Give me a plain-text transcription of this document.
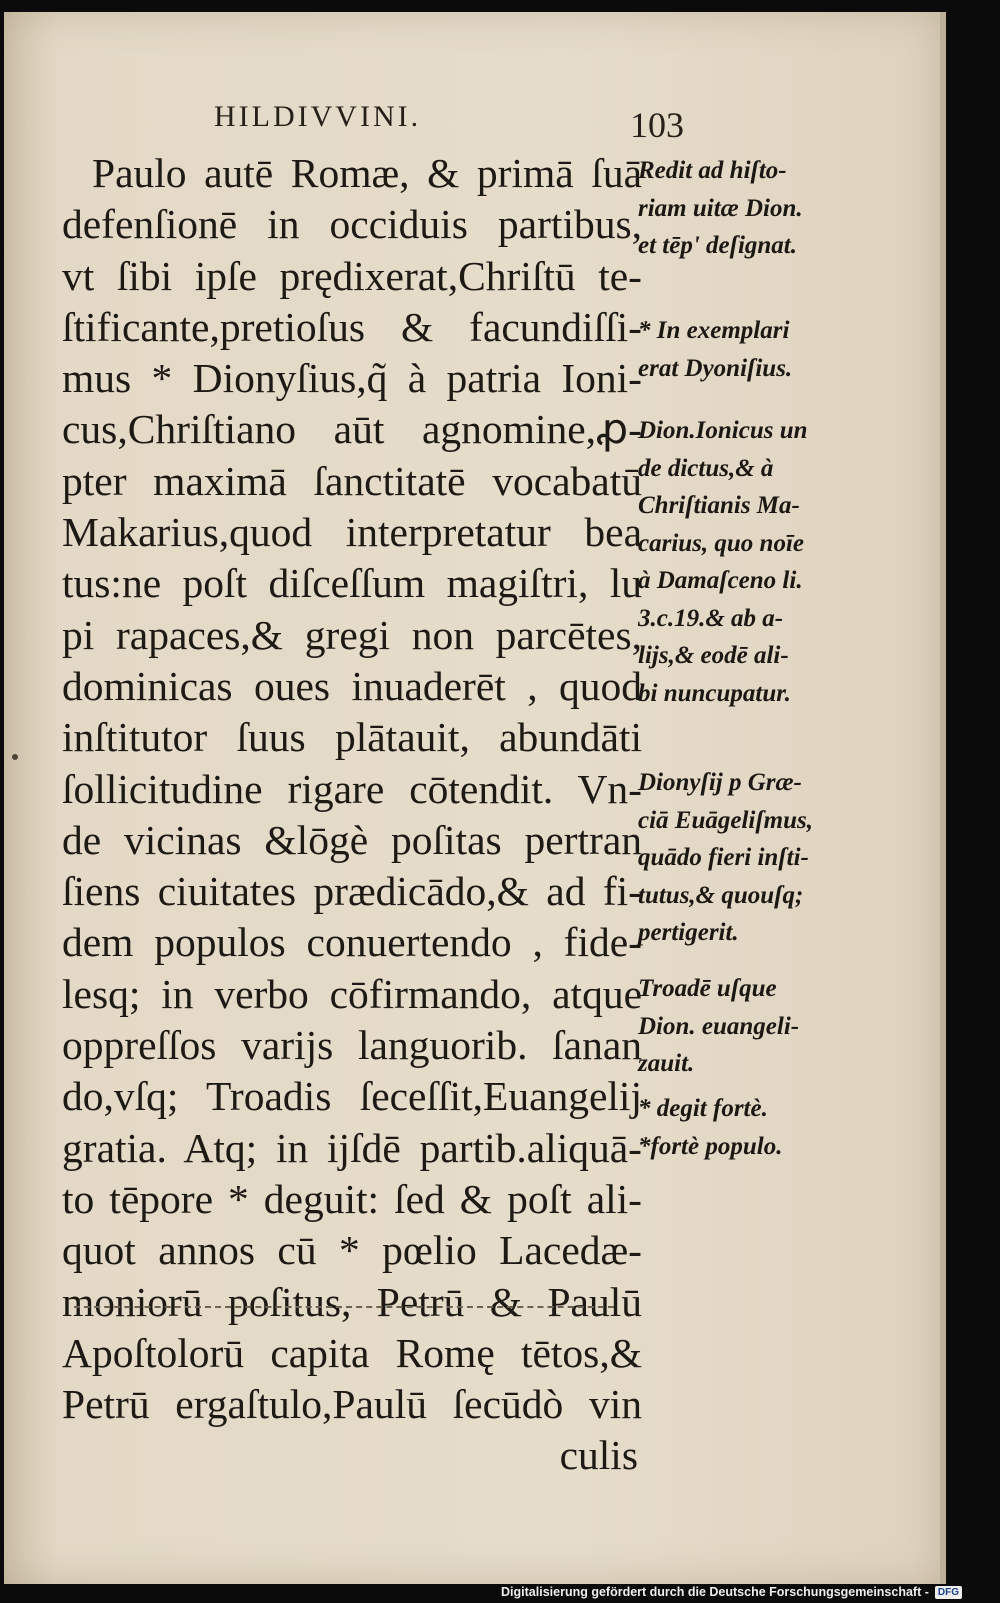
HILDIVVINI.	103
Paulo autē Romæ, & primā ſuā
defenſionē in occiduis partibus,
vt ſibi ipſe prędixerat,Chriſtū te-
ſtificante,pretioſus & facundiſſi-
mus * Dionyſius,q̃ à patria Ioni-
cus,Chriſtiano aūt agnomine,ꝓ-
pter maximā ſanctitatē vocabatū
Makarius,quod interpretatur bea
tus:ne poſt diſceſſum magiſtri, lu
pi rapaces,& gregi non parcētes,
dominicas oues inuaderēt , quod
inſtitutor ſuus plātauit, abundāti
ſollicitudine rigare cōtendit. Vn-
de vicinas &lōgè poſitas pertran
ſiens ciuitates prædicādo,& ad fi-
dem populos conuertendo , fide-
lesq; in verbo cōfirmando, atque
oppreſſos varijs languorib. ſanan
do,vſq; Troadis ſeceſſit,Euangelij
gratia. Atq; in ijſdē partib.aliquā-
to tēpore * deguit: ſed & poſt ali-
quot annos cū * pœlio Lacedæ-
moniorū poſitus, Petrū & Paulū
Apoſtolorū capita Romę tētos,&
Petrū ergaſtulo,Paulū ſecūdò vin
culis
Redit ad hiſto-
riam uitæ Dion.
et tēp' deſignat.
* In exemplari
erat Dyoniſius.
Dion.Ionicus un
de dictus,& à
Chriſtianis Ma-
carius, quo noīe
à Damaſceno li.
3.c.19.& ab a-
lijs,& eodē ali-
bi nuncupatur.
Dionyſij p Græ-
ciā Euāgeliſmus,
quādo fieri inſti-
tutus,& quouſq;
pertigerit.
Troadē uſque
Dion. euangeli-
zauit.
* degit fortè.
*fortè populo.
Digitalisierung gefördert durch die Deutsche Forschungsgemeinschaft - DFG
